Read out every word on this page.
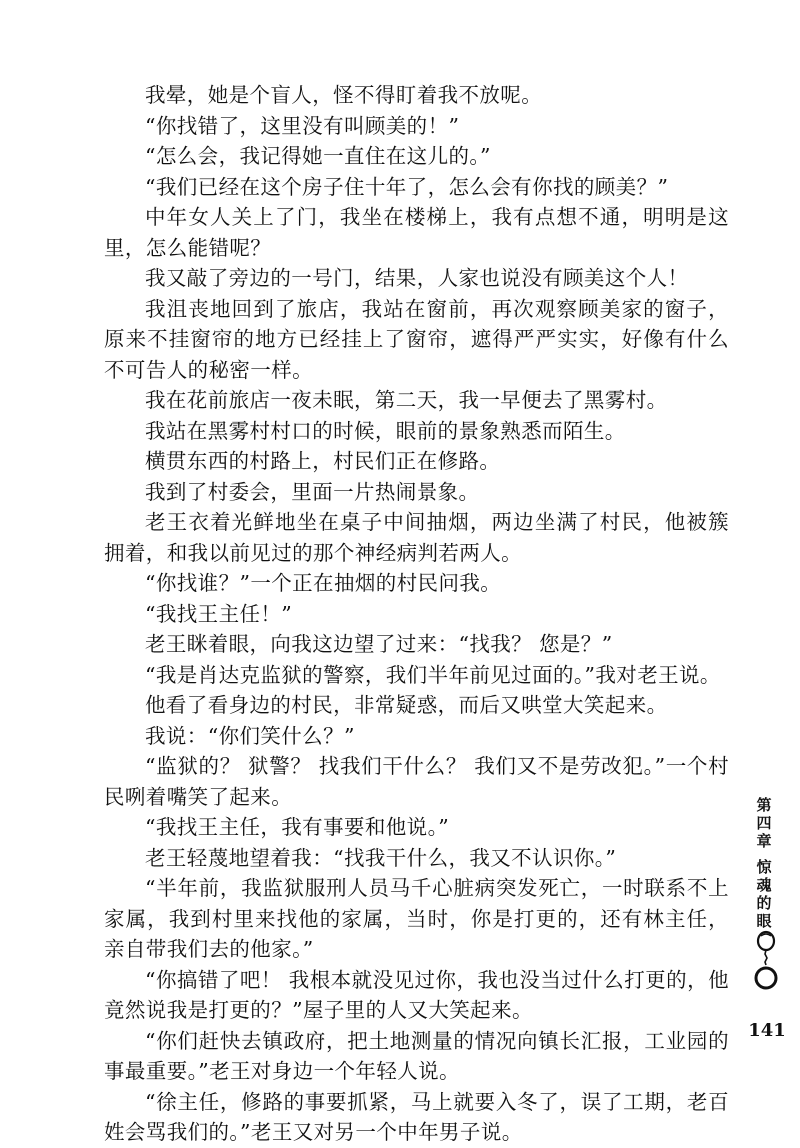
我晕，她是个盲人，怪不得盯着我不放呢。

“你找错了，这里没有叫顾美的！”

“怎么会，我记得她一直住在这儿的。”

“我们已经在这个房子住十年了，怎么会有你找的顾美？”

中年女人关上了门，我坐在楼梯上，我有点想不通，明明是这里，怎么能错呢？

我又敲了旁边的一号门，结果，人家也说没有顾美这个人！

我沮丧地回到了旅店，我站在窗前，再次观察顾美家的窗子，原来不挂窗帘的地方已经挂上了窗帘，遮得严严实实，好像有什么不可告人的秘密一样。

我在花前旅店一夜未眠，第二天，我一早便去了黑雾村。

我站在黑雾村村口的时候，眼前的景象熟悉而陌生。

横贯东西的村路上，村民们正在修路。

我到了村委会，里面一片热闹景象。

老王衣着光鲜地坐在桌子中间抽烟，两边坐满了村民，他被簇拥着，和我以前见过的那个神经病判若两人。

“你找谁？”一个正在抽烟的村民问我。

“我找王主任！”

老王眯着眼，向我这边望了过来：“找我？ 您是？”

“我是肖达克监狱的警察，我们半年前见过面的。”我对老王说。

他看了看身边的村民，非常疑惑，而后又哄堂大笑起来。

我说：“你们笑什么？”

“监狱的？ 狱警？ 找我们干什么？ 我们又不是劳改犯。”一个村民咧着嘴笑了起来。

“我找王主任，我有事要和他说。”

老王轻蔑地望着我：“找我干什么，我又不认识你。”

“半年前，我监狱服刑人员马千心脏病突发死亡，一时联系不上家属，我到村里来找他的家属，当时，你是打更的，还有林主任，亲自带我们去的他家。”

“你搞错了吧！ 我根本就没见过你，我也没当过什么打更的，他竟然说我是打更的？”屋子里的人又大笑起来。

“你们赶快去镇政府，把土地测量的情况向镇长汇报，工业园的事最重要。”老王对身边一个年轻人说。

“徐主任，修路的事要抓紧，马上就要入冬了，误了工期，老百姓会骂我们的。”老王又对另一个中年男子说。

第四章
惊魂的眼
141
